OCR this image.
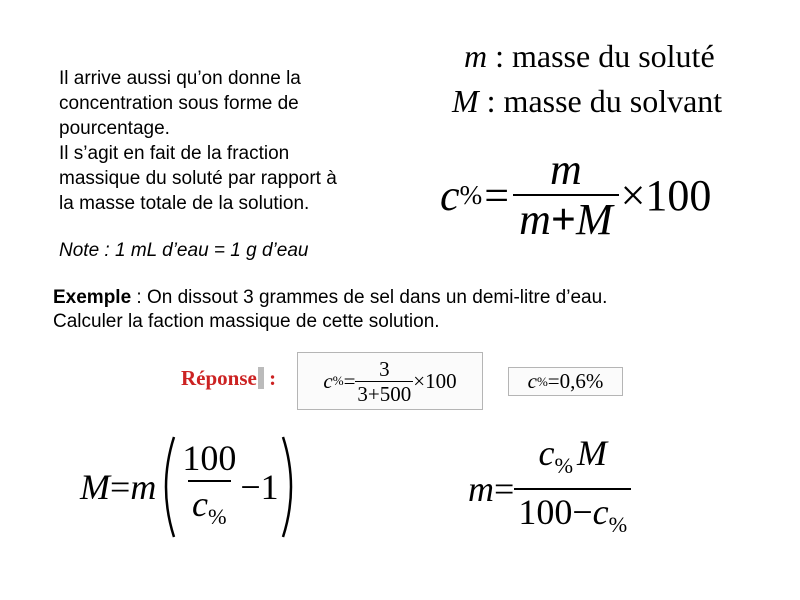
Il arrive aussi qu’on donne la
concentration sous forme de
pourcentage.
Il s’agit en fait de la fraction
massique du soluté par rapport à
la masse totale de la solution.
Note : 1 mL d’eau = 1 g d’eau
m : masse du soluté
M : masse du solvant
c % = $\frac{m}{m+M} \times 100$
Exemple : On dissout 3 grammes de sel dans un demi-litre d’eau.
Calculer la faction massique de cette solution.
Réponse : c % = $\frac{3}{3+500} \times 100$	c % =0,6%
M = m $\frac{100}{c_{\%}} -1$	$m = \frac{c_{\%} M}{100-c_{\%}}$
